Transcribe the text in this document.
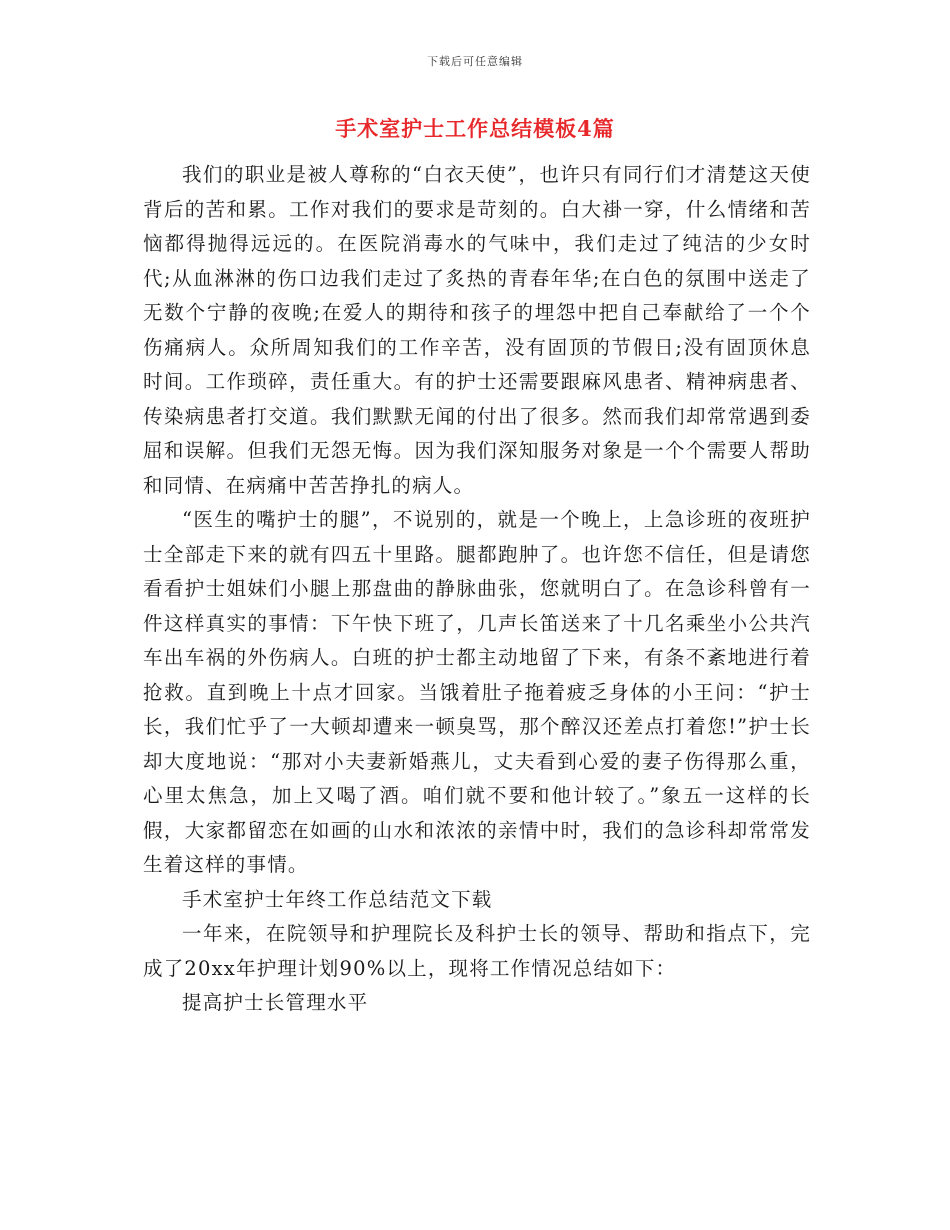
下载后可任意编辑
手术室护士工作总结模板4篇

我们的职业是被人尊称的“白衣天使”，也许只有同行们才清楚这天使背后的苦和累。工作对我们的要求是苛刻的。白大褂一穿，什么情绪和苦恼都得抛得远远的。在医院消毒水的气味中，我们走过了纯洁的少女时代;从血淋淋的伤口边我们走过了炙热的青春年华;在白色的氛围中送走了无数个宁静的夜晚;在爱人的期待和孩子的埋怨中把自己奉献给了一个个伤痛病人。众所周知我们的工作辛苦，没有固顶的节假日;没有固顶休息时间。工作琐碎，责任重大。有的护士还需要跟麻风患者、精神病患者、传染病患者打交道。我们默默无闻的付出了很多。然而我们却常常遇到委屈和误解。但我们无怨无悔。因为我们深知服务对象是一个个需要人帮助和同情、在病痛中苦苦挣扎的病人。

“医生的嘴护士的腿”，不说别的，就是一个晚上，上急诊班的夜班护士全部走下来的就有四五十里路。腿都跑肿了。也许您不信任，但是请您看看护士姐妹们小腿上那盘曲的静脉曲张，您就明白了。在急诊科曾有一件这样真实的事情：下午快下班了，几声长笛送来了十几名乘坐小公共汽车出车祸的外伤病人。白班的护士都主动地留了下来，有条不紊地进行着抢救。直到晚上十点才回家。当饿着肚子拖着疲乏身体的小王问：“护士长，我们忙乎了一大顿却遭来一顿臭骂，那个醉汉还差点打着您!”护士长却大度地说：“那对小夫妻新婚燕儿，丈夫看到心爱的妻子伤得那么重，心里太焦急，加上又喝了酒。咱们就不要和他计较了。”象五一这样的长假，大家都留恋在如画的山水和浓浓的亲情中时，我们的急诊科却常常发生着这样的事情。

手术室护士年终工作总结范文下载

一年来，在院领导和护理院长及科护士长的领导、帮助和指点下，完成了20xx年护理计划90%以上，现将工作情况总结如下：

提高护士长管理水平
